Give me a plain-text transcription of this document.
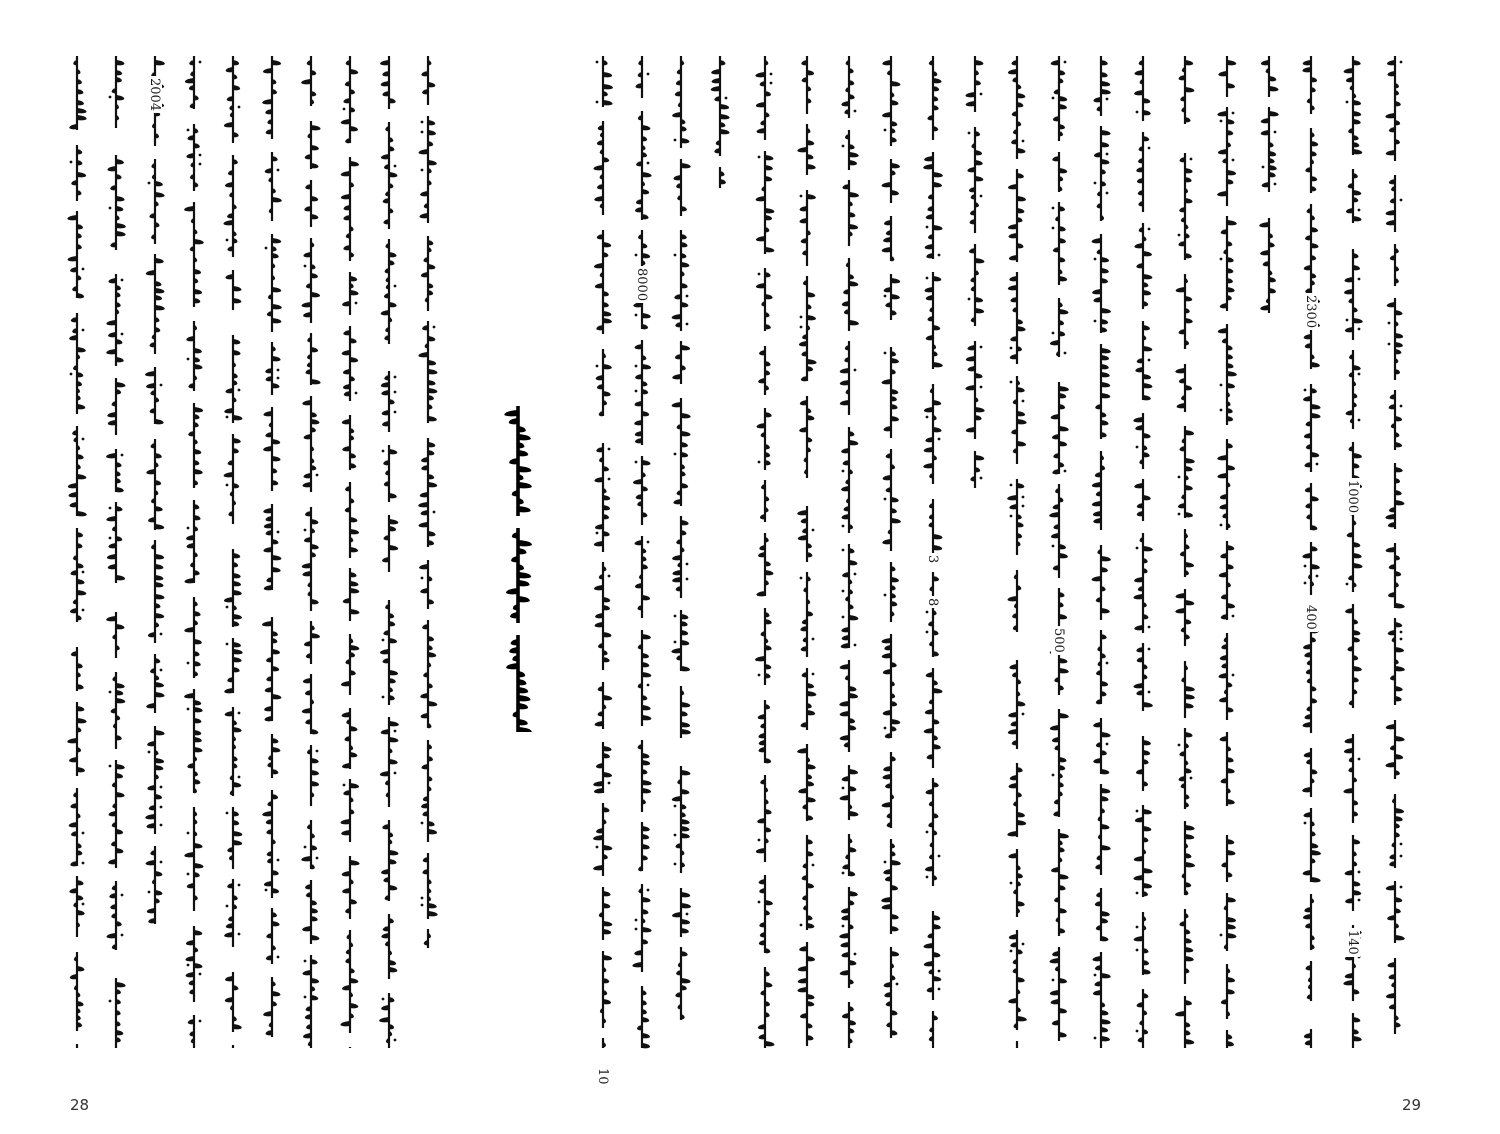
2004
10
8000
28
3
8
500
2300
400
1000
140
29
